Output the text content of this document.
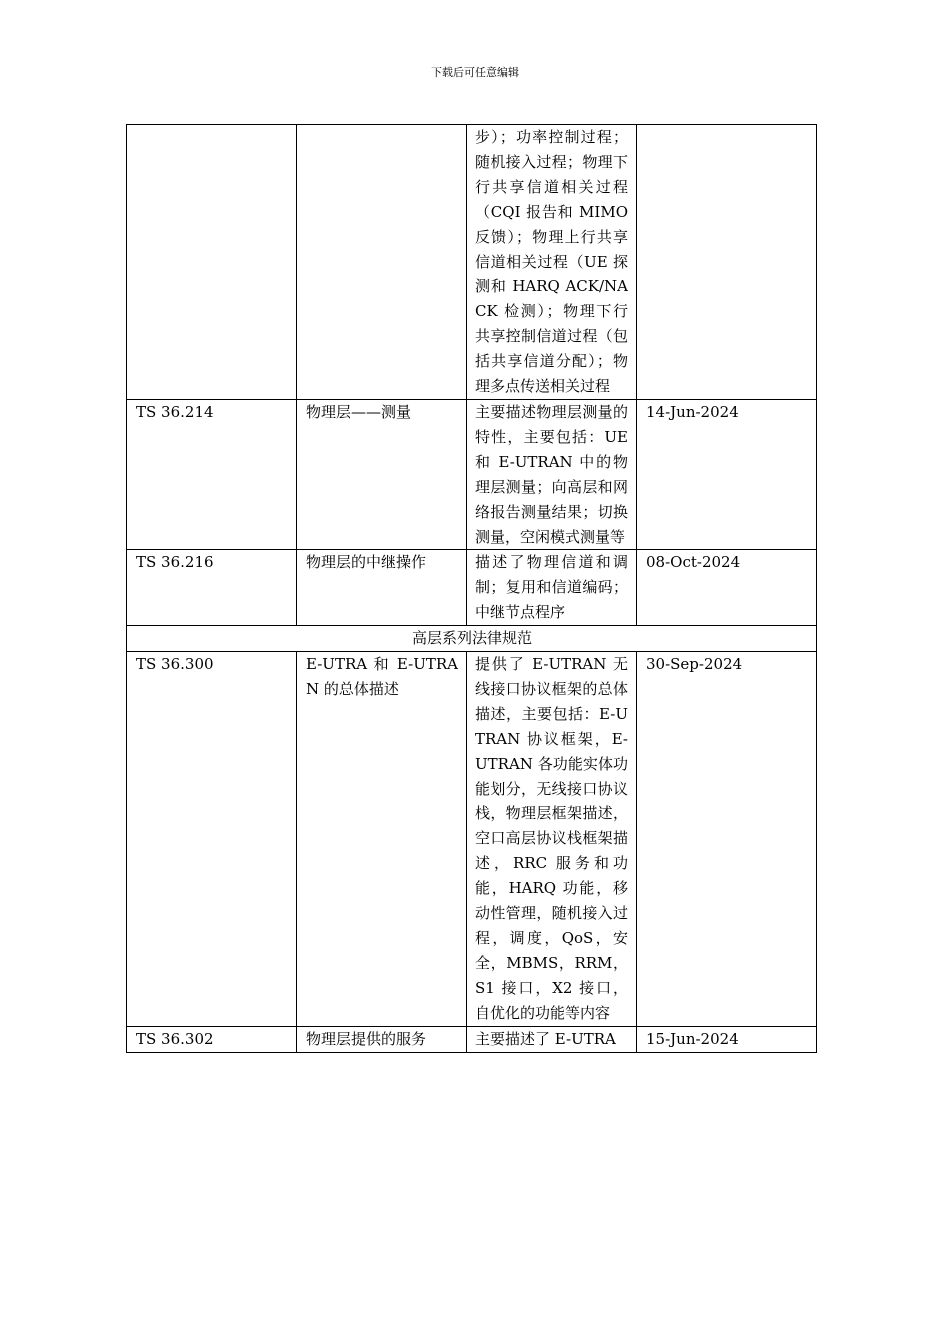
下载后可任意编辑
		步）；功率控制过程；随机接入过程；物理下行共享信道相关过程（CQI 报告和 MIMO 反馈）；物理上行共享信道相关过程（UE 探测和 HARQ ACK/NACK 检测）；物理下行共享控制信道过程（包括共享信道分配）；物理多点传送相关过程	
TS 36.214	物理层——测量	主要描述物理层测量的特性，主要包括：UE 和 E-UTRAN 中的物理层测量；向高层和网络报告测量结果；切换测量，空闲模式测量等	14-Jun-2024
TS 36.216	物理层的中继操作	描述了物理信道和调制；复用和信道编码；中继节点程序	08-Oct-2024
高层系列法律规范			
TS 36.300	E-UTRA 和 E-UTRAN 的总体描述	提供了 E-UTRAN 无线接口协议框架的总体描述，主要包括：E-UTRAN 协议框架，E-UTRAN 各功能实体功能划分，无线接口协议栈，物理层框架描述，空口高层协议栈框架描述，RRC 服务和功能，HARQ 功能，移动性管理，随机接入过程，调度，QoS，安全，MBMS，RRM，S1 接口，X2 接口，自优化的功能等内容	30-Sep-2024
TS 36.302	物理层提供的服务	主要描述了 E-UTRA	15-Jun-2024
